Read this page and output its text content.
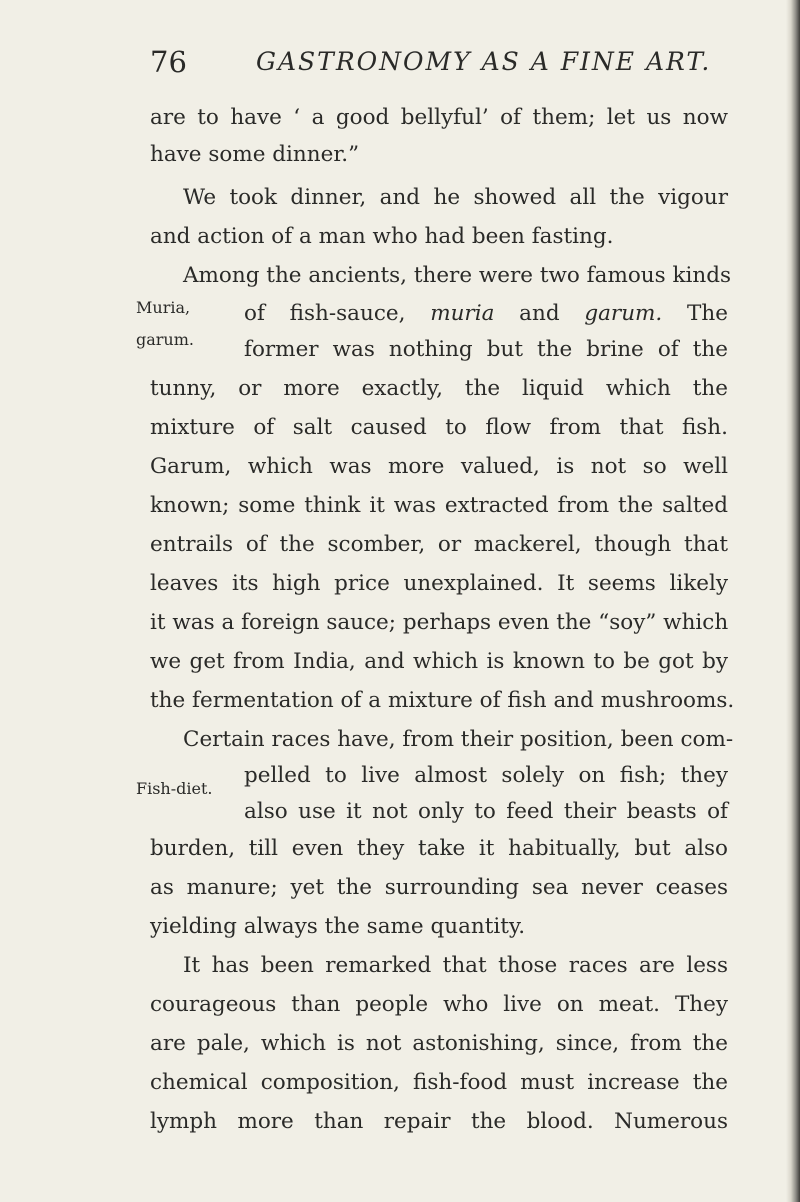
76	GASTRONOMY AS A FINE ART.
are to have ‘ a good bellyful’ of them; let us now
have some dinner.”
We took dinner, and he showed all the vigour
and action of a man who had been fasting.
Among the ancients, there were two famous kinds
Muria,	of fish-sauce, muria and garum. The
garum. former was nothing but the brine of the
tunny, or more exactly, the liquid which the
mixture of salt caused to flow from that fish.
Garum, which was more valued, is not so well
known; some think it was extracted from the salted
entrails of the scomber, or mackerel, though that
leaves its high price unexplained. It seems likely
it was a foreign sauce; perhaps even the “soy” which
we get from India, and which is known to be got by
the fermentation of a mixture of fish and mushrooms.
Certain races have, from their position, been com-
pelled to live almost solely on fish; they
Fish-diet.
also use it not only to feed their beasts of
burden, till even they take it habitually, but also
as manure; yet the surrounding sea never ceases
yielding always the same quantity.
It has been remarked that those races are less
courageous than people who live on meat. They
are pale, which is not astonishing, since, from the
chemical composition, fish-food must increase the
lymph more than repair the blood. Numerous
